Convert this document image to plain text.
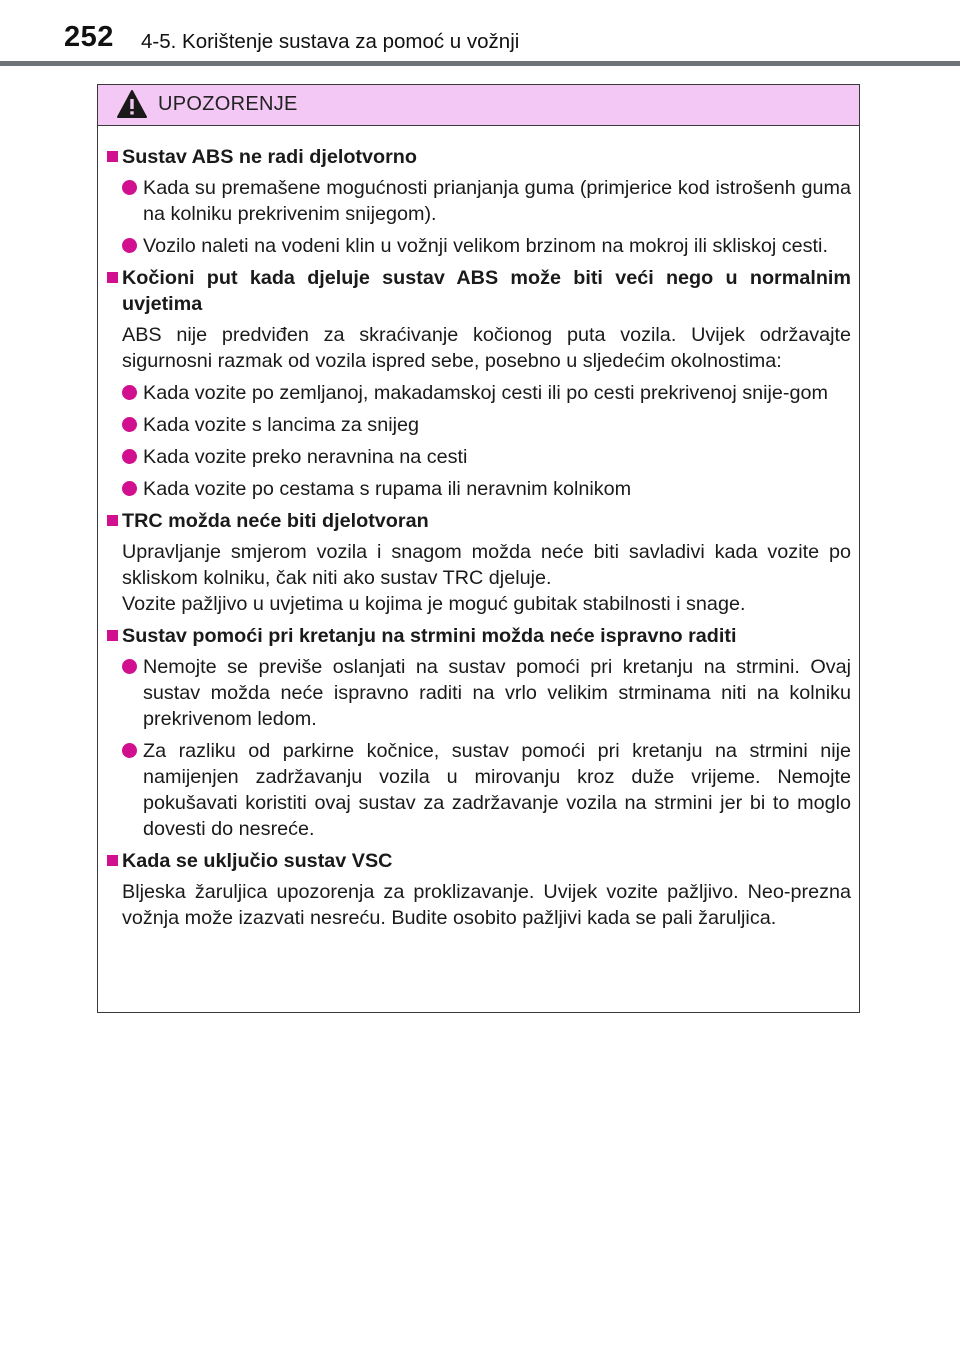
252 4-5. Korištenje sustava za pomoć u vožnji
UPOZORENJE
Sustav ABS ne radi djelotvorno
Kada su premašene mogućnosti prianjanja guma (primjerice kod istrošenh guma na kolniku prekrivenim snijegom).
Vozilo naleti na vodeni klin u vožnji velikom brzinom na mokroj ili skliskoj cesti.
Kočioni put kada djeluje sustav ABS može biti veći nego u normalnim uvjetima
ABS nije predviđen za skraćivanje kočionog puta vozila. Uvijek održavajte sigurnosni razmak od vozila ispred sebe, posebno u sljedećim okolnostima:
Kada vozite po zemljanoj, makadamskoj cesti ili po cesti prekrivenoj snije-gom
Kada vozite s lancima za snijeg
Kada vozite preko neravnina na cesti
Kada vozite po cestama s rupama ili neravnim kolnikom
TRC možda neće biti djelotvoran
Upravljanje smjerom vozila i snagom možda neće biti savladivi kada vozite po skliskom kolniku, čak niti ako sustav TRC djeluje.
Vozite pažljivo u uvjetima u kojima je moguć gubitak stabilnosti i snage.
Sustav pomoći pri kretanju na strmini možda neće ispravno raditi
Nemojte se previše oslanjati na sustav pomoći pri kretanju na strmini. Ovaj sustav možda neće ispravno raditi na vrlo velikim strminama niti na kolniku prekrivenom ledom.
Za razliku od parkirne kočnice, sustav pomoći pri kretanju na strmini nije namijenjen zadržavanju vozila u mirovanju kroz duže vrijeme. Nemojte pokušavati koristiti ovaj sustav za zadržavanje vozila na strmini jer bi to moglo dovesti do nesreće.
Kada se uključio sustav VSC
Bljeska žaruljica upozorenja za proklizavanje. Uvijek vozite pažljivo. Neo-prezna vožnja može izazvati nesreću. Budite osobito pažljivi kada se pali žaruljica.
